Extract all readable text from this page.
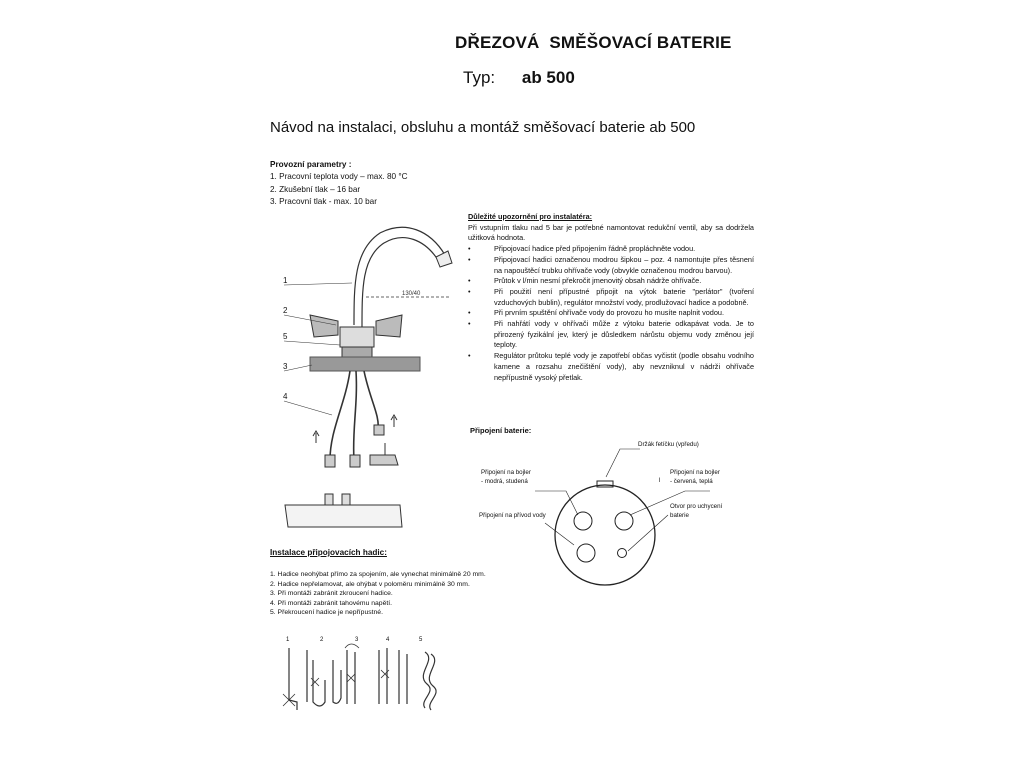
DŘEZOVÁ  SMĚŠOVACÍ BATERIE
Typ: ab 500
Návod na instalaci, obsluhu a montáž směšovací baterie ab 500
Provozní parametry :
1. Pracovní teplota vody – max. 80 °C
2. Zkušební tlak – 16 bar
3. Pracovní tlak - max. 10 bar
130/40
1
2
5
3
4
Důležité upozornění pro instalatéra:
Při vstupním tlaku nad 5 bar je potřebné namontovat redukční ventil, aby sa dodržela užitková hodnota.
•	Připojovací hadice před připojením řádně propláchněte vodou.
•	Připojovací hadici označenou modrou šipkou – poz. 4 namontujte přes těsnení na napouštěcí trubku ohřívače vody (obvykle označenou modrou barvou).
•	Průtok v l/min nesmí překročit jmenovitý obsah nádrže ohřívače.
•	Při použití není přípustné připojit na výtok baterie "perlátor" (tvoření vzduchových bublin), regulátor množství vody, prodlužovací hadice a podobně.
•	Při prvním spuštění ohřívače vody do provozu ho musíte naplnit vodou.
•	Při nahřátí vody v ohřívači může z výtoku baterie odkapávat voda. Je to přirozený fyzikální jev, který je důsledkem nárůstu objemu vody změnou její teploty.
•	Regulátor průtoku teplé vody je zapotřebí občas vyčistit (podle obsahu vodního kamene a rozsahu znečištění vody), aby nevzniknul v nádrži ohřívače nepřípustně vysoký přetlak.
Připojení baterie:
Držák fetíčku (vpředu)
Připojení na bojler
- modrá, studená
Připojení na bojler
- červená, teplá
l
Připojení na přívod vody
Otvor pro uchycení
baterie
Instalace připojovacích hadic:
1. Hadice neohýbat přímo za spojením, ale vynechat minimálně 20 mm.
2. Hadice nepřelamovat, ale ohýbat v poloměru minimálně 30 mm.
3. Při montáži zabránit zkroucení hadice.
4. Při montáži zabránit tahovému napětí.
5. Překroucení hadice je nepřípustné.
1	2	3	4	5
